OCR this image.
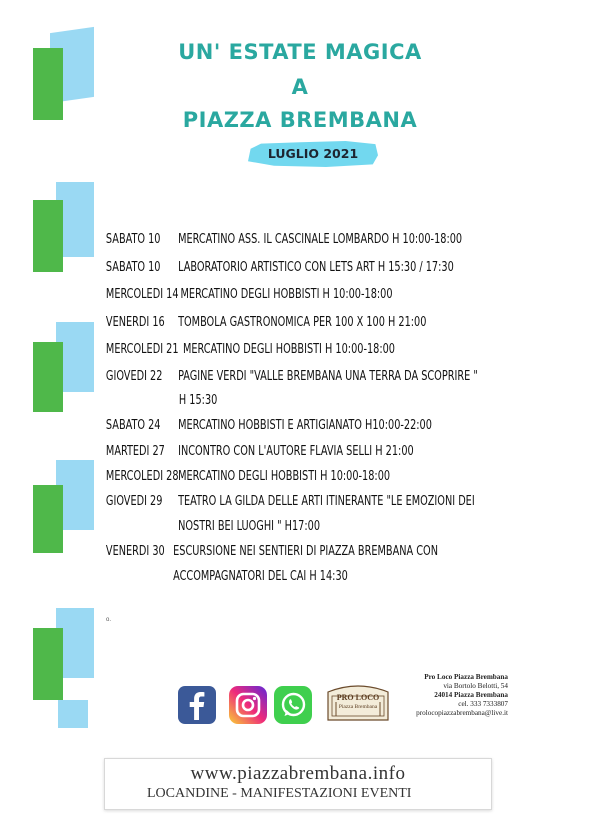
UN' ESTATE MAGICA
A
PIAZZA BREMBANA
LUGLIO 2021
SABATO 10 MERCATINO ASS. IL CASCINALE LOMBARDO H 10:00-18:00
SABATO 10 LABORATORIO ARTISTICO CON LETS ART H 15:30 / 17:30
MERCOLEDI 14 MERCATINO DEGLI HOBBISTI H 10:00-18:00
VENERDI 16 TOMBOLA GASTRONOMICA PER 100 X 100 H 21:00
MERCOLEDI 21 MERCATINO DEGLI HOBBISTI H 10:00-18:00
GIOVEDI 22 PAGINE VERDI "VALLE BREMBANA UNA TERRA DA SCOPRIRE "
H 15:30
SABATO 24 MERCATINO HOBBISTI E ARTIGIANATO H10:00-22:00
MARTEDI 27 INCONTRO CON L'AUTORE FLAVIA SELLI H 21:00
MERCOLEDI 28 MERCATINO DEGLI HOBBISTI H 10:00-18:00
GIOVEDI 29 TEATRO LA GILDA DELLE ARTI ITINERANTE "LE EMOZIONI DEI
NOSTRI BEI LUOGHI " H17:00
VENERDI 30 ESCURSIONE NEI SENTIERI DI PIAZZA BREMBANA CON
ACCOMPAGNATORI DEL CAI H 14:30
o.
PRO LOCO
Piazza Brembana
Pro Loco Piazza Brembana
via Bortolo Belotti, 54
24014 Piazza Brembana
cel. 333 7333807
prolocopiazzabrembana@live.it
www.piazzabrembana.info
LOCANDINE - MANIFESTAZIONI EVENTI
